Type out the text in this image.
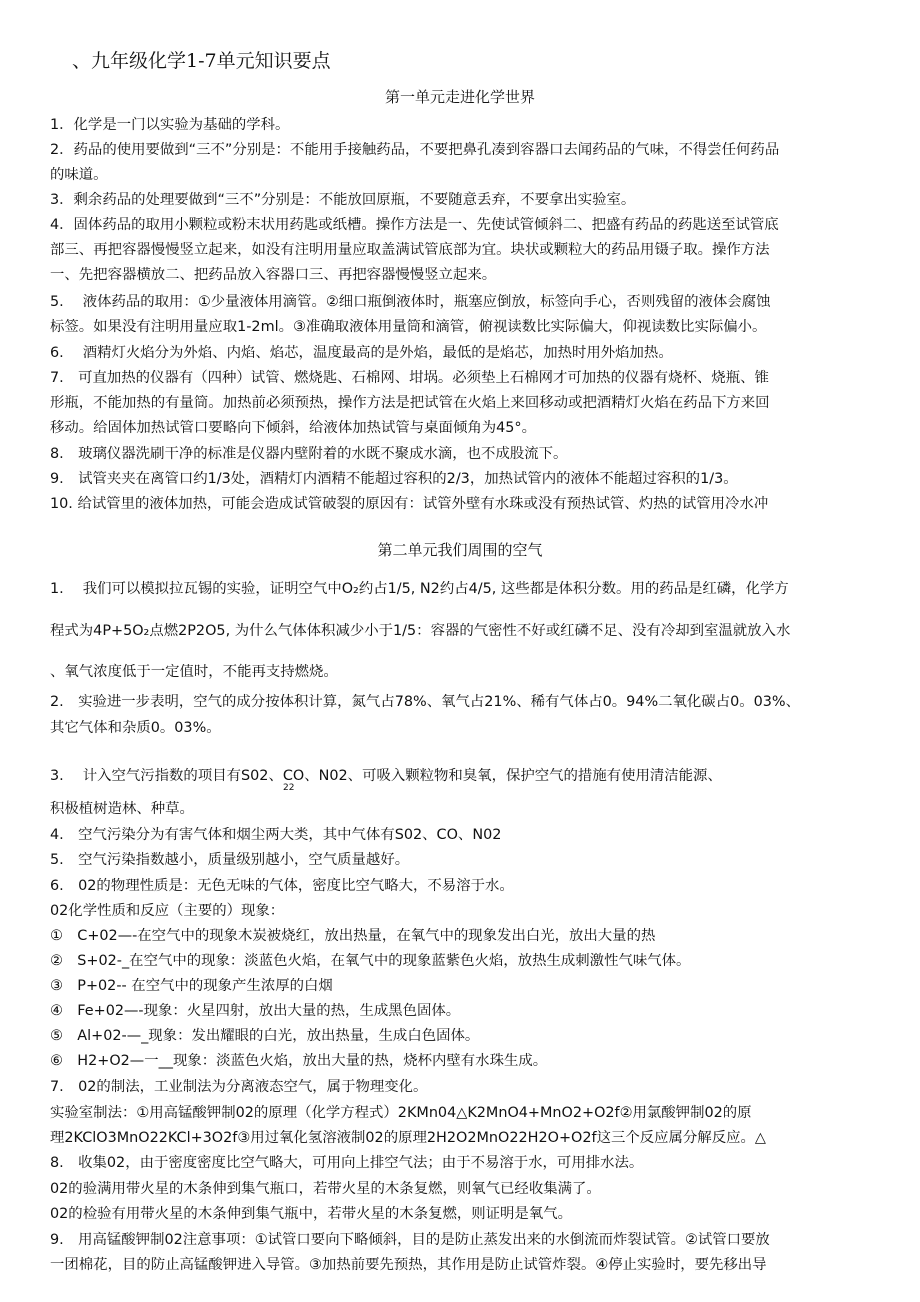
、九年级化学1-7单元知识要点
第一单元走进化学世界
1．化学是一门以实验为基础的学科。
2．药品的使用要做到“三不”分别是：不能用手接触药品，不要把鼻孔凑到容器口去闻药品的气味，不得尝任何药品
的味道。
3．剩余药品的处理要做到“三不”分别是：不能放回原瓶，不要随意丢弃，不要拿出实验室。
4．固体药品的取用小颗粒或粉末状用药匙或纸槽。操作方法是一、先使试管倾斜二、把盛有药品的药匙送至试管底
部三、再把容器慢慢竖立起来，如没有注明用量应取盖满试管底部为宜。块状或颗粒大的药品用镊子取。操作方法
一、先把容器横放二、把药品放入容器口三、再把容器慢慢竖立起来。
5.　 液体药品的取用：①少量液体用滴管。②细口瓶倒液体时，瓶塞应倒放，标签向手心，否则残留的液体会腐蚀
标签。如果没有注明用量应取1-2ml。③准确取液体用量筒和滴管，俯视读数比实际偏大，仰视读数比实际偏小。
6.　 酒精灯火焰分为外焰、内焰、焰芯，温度最高的是外焰，最低的是焰芯，加热时用外焰加热。
7.　可直加热的仪器有（四种）试管、燃烧匙、石棉网、坩埚。必须垫上石棉网才可加热的仪器有烧杯、烧瓶、锥
形瓶，不能加热的有量筒。加热前必须预热，操作方法是把试管在火焰上来回移动或把酒精灯火焰在药品下方来回
移动。给固体加热试管口要略向下倾斜，给液体加热试管与桌面倾角为45°。
8.　玻璃仪器洗刷干净的标准是仪器内壁附着的水既不聚成水滴，也不成股流下。
9.　试管夹夹在离管口约1/3处，酒精灯内酒精不能超过容积的2/3，加热试管内的液体不能超过容积的1/3。
10. 给试管里的液体加热，可能会造成试管破裂的原因有：试管外壁有水珠或没有预热试管、灼热的试管用冷水冲
第二单元我们周围的空气
1.　 我们可以模拟拉瓦锡的实验，证明空气中O₂约占1/5, N2约占4/5, 这些都是体积分数。用的药品是红磷，化学方
程式为4P+5O₂点燃2P2O5, 为什么气体体积减少小于1/5：容器的气密性不好或红磷不足、没有冷却到室温就放入水
、氧气浓度低于一定值时，不能再支持燃烧。
2.　实验进一步表明，空气的成分按体积计算，氮气占78%、氧气占21%、稀有气体占0。94%二氧化碳占0。03%、
其它气体和杂质0。03%。
3.　 计入空气污指数的项目有S02、CO、N02、可吸入颗粒物和臭氧，保护空气的措施有使用清洁能源、
22
积极植树造林、种草。
4.　空气污染分为有害气体和烟尘两大类，其中气体有S02、CO、N02
5.　空气污染指数越小，质量级别越小，空气质量越好。
6.　02的物理性质是：无色无味的气体，密度比空气略大，不易溶于水。
02化学性质和反应（主要的）现象：
①　C+02—-在空气中的现象木炭被烧红，放出热量，在氧气中的现象发出白光，放出大量的热
②　S+02-_在空气中的现象：淡蓝色火焰，在氧气中的现象蓝紫色火焰，放热生成刺激性气味气体。
③　P+02-- 在空气中的现象产生浓厚的白烟
④　Fe+02—-现象：火星四射，放出大量的热，生成黑色固体。
⑤　Al+02-—_现象：发出耀眼的白光，放出热量，生成白色固体。
⑥　H2+O2—一__现象：淡蓝色火焰，放出大量的热，烧杯内壁有水珠生成。
7.　02的制法，工业制法为分离液态空气，属于物理变化。
实验室制法：①用高锰酸钾制02的原理（化学方程式）2KMn04△K2MnO4+MnO2+O2f②用氯酸钾制02的原
理2KClO3MnO22KCl+3O2f③用过氧化氢溶液制02的原理2H2O2MnO22H2O+O2f这三个反应属分解反应。△
8.　收集02，由于密度密度比空气略大，可用向上排空气法；由于不易溶于水，可用排水法。
02的验满用带火星的木条伸到集气瓶口，若带火星的木条复燃，则氧气已经收集满了。
02的检验有用带火星的木条伸到集气瓶中，若带火星的木条复燃，则证明是氧气。
9.　用高锰酸钾制02注意事项：①试管口要向下略倾斜，目的是防止蒸发出来的水倒流而炸裂试管。②试管口要放
一团棉花，目的防止高锰酸钾进入导管。③加热前要先预热，其作用是防止试管炸裂。④停止实验时，要先移出导
